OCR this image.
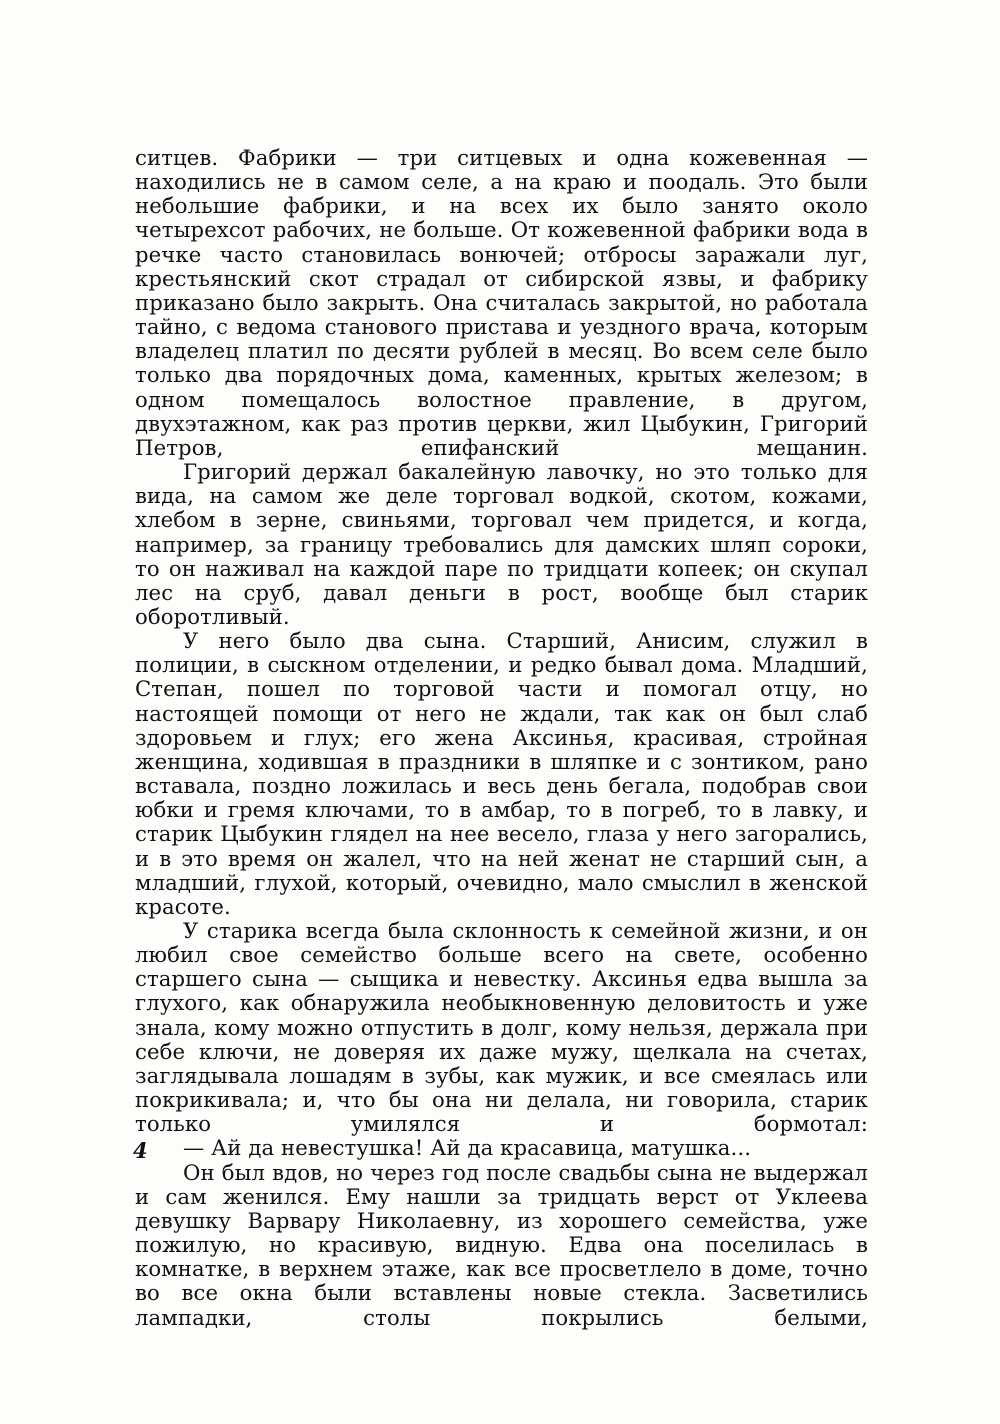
ситцев. Фабрики — три ситцевых и одна кожевенная — находились не в самом селе, а на краю и поодаль. Это были небольшие фабрики, и на всех их было занято около четырехсот рабочих, не больше. От кожевенной фабрики вода в речке часто становилась вонючей; отбросы заражали луг, крестьянский скот страдал от сибирской язвы, и фабрику приказано было закрыть. Она считалась закрытой, но работала тайно, с ведома станового пристава и уездного врача, которым владелец платил по десяти рублей в месяц. Во всем селе было только два порядочных дома, каменных, крытых железом; в одном помещалось волостное правление, в другом, двухэтажном, как раз против церкви, жил Цыбукин, Григорий Петров, епифанский мещанин.

Григорий держал бакалейную лавочку, но это только для вида, на самом же деле торговал водкой, скотом, кожами, хлебом в зерне, свиньями, торговал чем придется, и когда, например, за границу требовались для дамских шляп сороки, то он наживал на каждой паре по тридцати копеек; он скупал лес на сруб, давал деньги в рост, вообще был старик оборотливый.

У него было два сына. Старший, Анисим, служил в полиции, в сыскном отделении, и редко бывал дома. Младший, Степан, пошел по торговой части и помогал отцу, но настоящей помощи от него не ждали, так как он был слаб здоровьем и глух; его жена Аксинья, красивая, стройная женщина, ходившая в праздники в шляпке и с зонтиком, рано вставала, поздно ложилась и весь день бегала, подобрав свои юбки и гремя ключами, то в амбар, то в погреб, то в лавку, и старик Цыбукин глядел на нее весело, глаза у него загорались, и в это время он жалел, что на ней женат не старший сын, а младший, глухой, который, очевидно, мало смыслил в женской красоте.

У старика всегда была склонность к семейной жизни, и он любил свое семейство больше всего на свете, особенно старшего сына — сыщика и невестку. Аксинья едва вышла за глухого, как обнаружила необыкновенную деловитость и уже знала, кому можно отпустить в долг, кому нельзя, держала при себе ключи, не доверяя их даже мужу, щелкала на счетах, заглядывала лошадям в зубы, как мужик, и все смеялась или покрикивала; и, что бы она ни делала, ни говорила, старик только умилялся и бормотал:

— Ай да невестушка! Ай да красавица, матушка...

Он был вдов, но через год после свадьбы сына не выдержал и сам женился. Ему нашли за тридцать верст от Уклеева девушку Варвару Николаевну, из хорошего семейства, уже пожилую, но красивую, видную. Едва она поселилась в комнатке, в верхнем этаже, как все просветлело в доме, точно во все окна были вставлены новые стекла. Засветились лампадки, столы покрылись белыми,

4
